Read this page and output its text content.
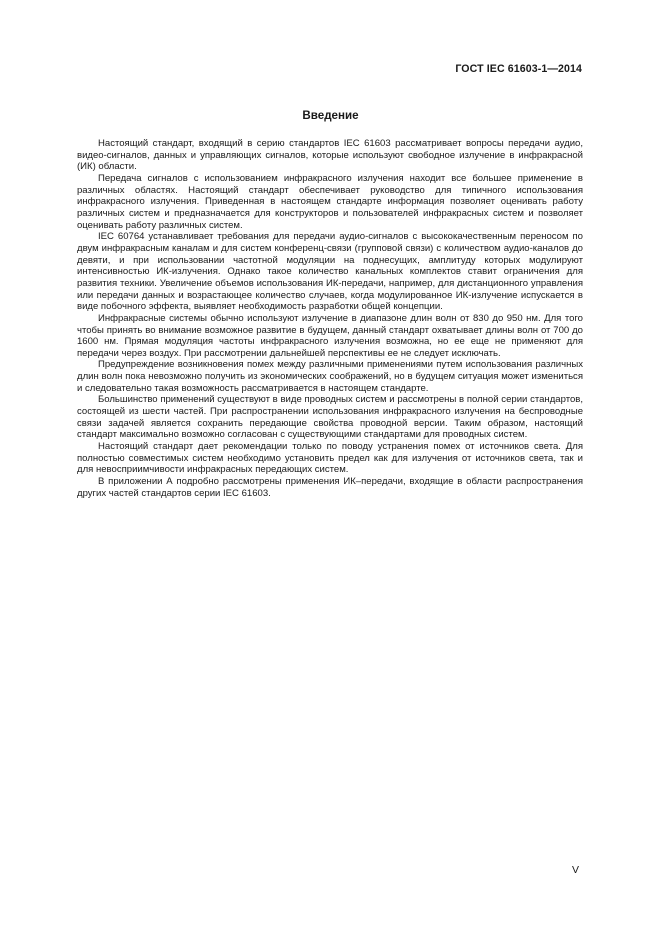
ГОСТ IEC 61603-1—2014
Введение

Настоящий стандарт, входящий в серию стандартов IEC 61603 рассматривает вопросы передачи аудио, видео-сигналов, данных и управляющих сигналов, которые используют свободное излучение в инфракрасной (ИК) области.

Передача сигналов с использованием инфракрасного излучения находит все большее применение в различных областях. Настоящий стандарт обеспечивает руководство для типичного использования инфракрасного излучения. Приведенная в настоящем стандарте информация позволяет оценивать работу различных систем и предназначается для конструкторов и пользователей инфракрасных систем и позволяет оценивать работу различных систем.

IEC 60764 устанавливает требования для передачи аудио-сигналов с высококачественным переносом по двум инфракрасным каналам и для систем конференц-связи (групповой связи) с количеством аудио-каналов до девяти, и при использовании частотной модуляции на поднесущих, амплитуду которых модулируют интенсивностью ИК-излучения. Однако такое количество канальных комплектов ставит ограничения для развития техники. Увеличение объемов использования ИК-передачи, например, для дистанционного управления или передачи данных и возрастающее количество случаев, когда модулированное ИК-излучение испускается в виде побочного эффекта, выявляет необходимость разработки общей концепции.

Инфракрасные системы обычно используют излучение в диапазоне длин волн от 830 до 950 нм. Для того чтобы принять во внимание возможное развитие в будущем, данный стандарт охватывает длины волн от 700 до 1600 нм. Прямая модуляция частоты инфракрасного излучения возможна, но ее еще не применяют для передачи через воздух. При рассмотрении дальнейшей перспективы ее не следует исключать.

Предупреждение возникновения помех между различными применениями путем использования различных длин волн пока невозможно получить из экономических соображений, но в будущем ситуация может измениться и следовательно такая возможность рассматривается в настоящем стандарте.

Большинство применений существуют в виде проводных систем и рассмотрены в полной серии стандартов, состоящей из шести частей. При распространении использования инфракрасного излучения на беспроводные связи задачей является сохранить передающие свойства проводной версии. Таким образом, настоящий стандарт максимально возможно согласован с существующими стандартами для проводных систем.

Настоящий стандарт дает рекомендации только по поводу устранения помех от источников света. Для полностью совместимых систем необходимо установить предел как для излучения от источников света, так и для невосприимчивости инфракрасных передающих систем.

В приложении А подробно рассмотрены применения ИК–передачи, входящие в области распространения других частей стандартов серии IEC 61603.

V
